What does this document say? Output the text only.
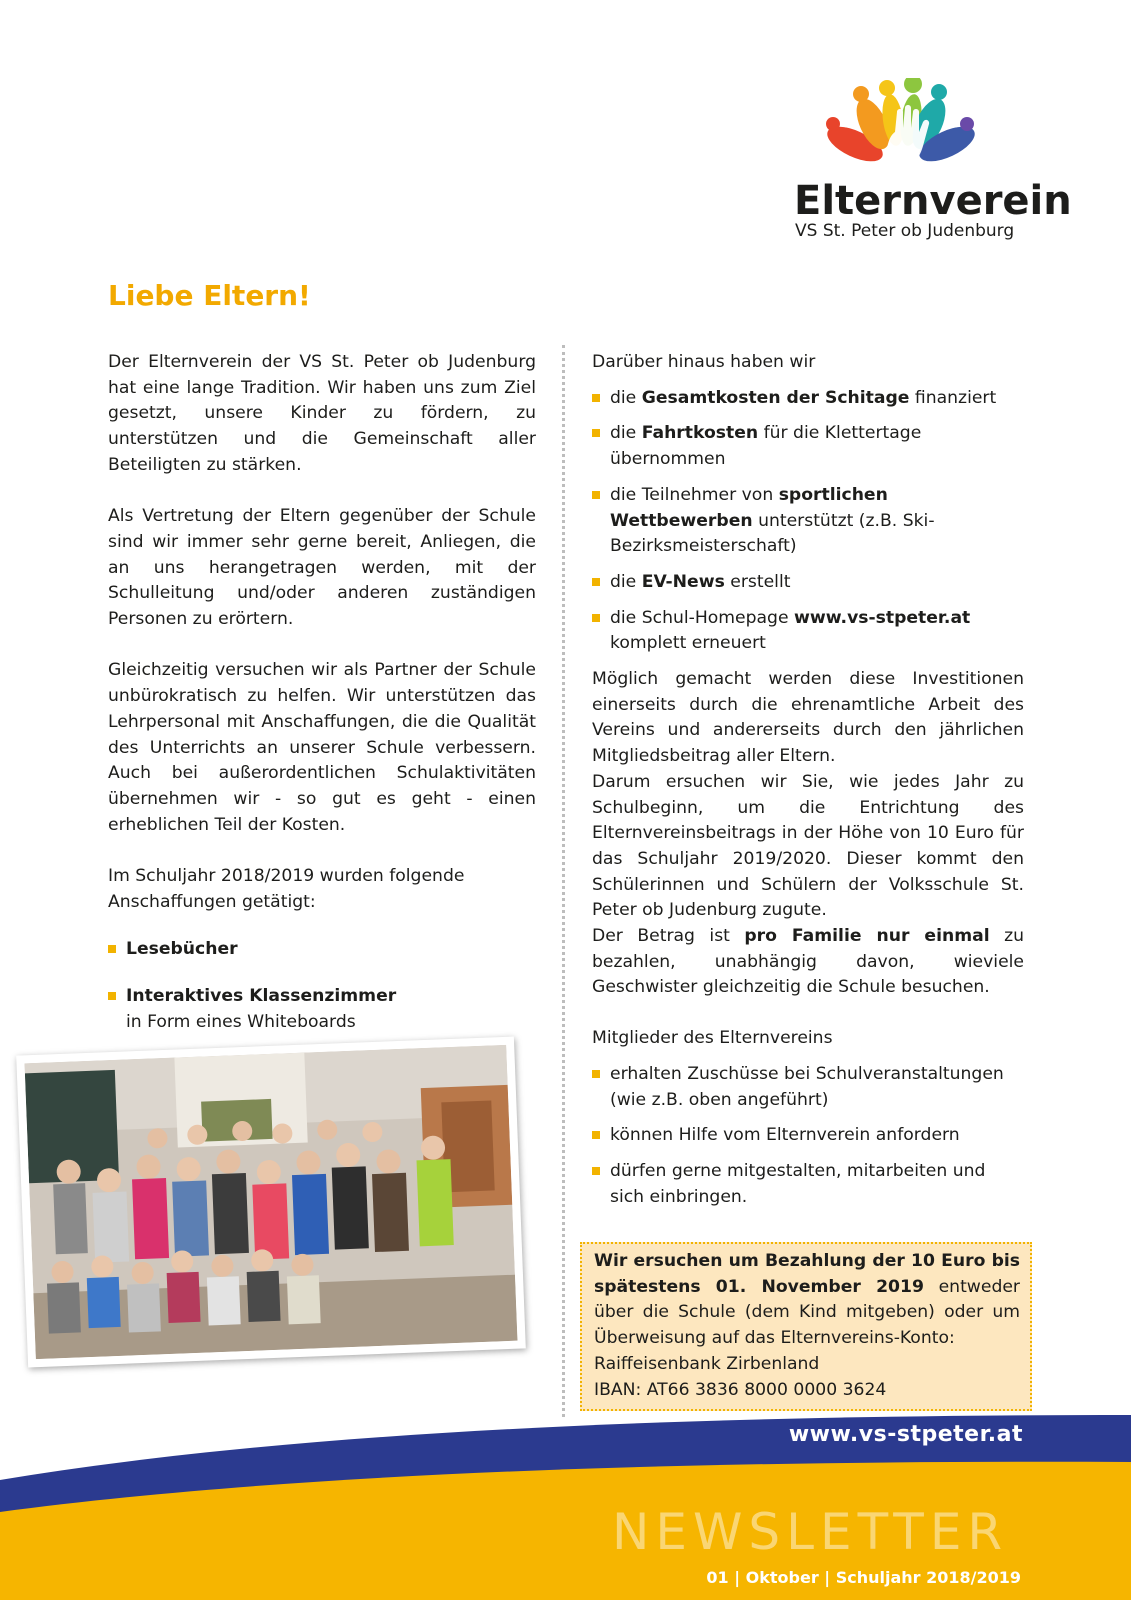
Elternverein
VS St. Peter ob Judenburg
Liebe Eltern!

Der Elternverein der VS St. Peter ob Judenburg hat eine lange Tradition. Wir haben uns zum Ziel gesetzt, unsere Kinder zu fördern, zu unterstützen und die Gemeinschaft aller Beteiligten zu stärken.

Als Vertretung der Eltern gegenüber der Schule sind wir immer sehr gerne bereit, Anliegen, die an uns herangetragen werden, mit der Schulleitung und/oder anderen zuständigen Personen zu erörtern.

Gleichzeitig versuchen wir als Partner der Schule unbürokratisch zu helfen. Wir unterstützen das Lehrpersonal mit Anschaffungen, die die Qualität des Unterrichts an unserer Schule verbessern. Auch bei außerordentlichen Schulaktivitäten übernehmen wir - so gut es geht - einen erheblichen Teil der Kosten.

Im Schuljahr 2018/2019 wurden folgende Anschaffungen getätigt:

Lesebücher
Interaktives Klassenzimmer
in Form eines Whiteboards
Darüber hinaus haben wir
die Gesamtkosten der Schitage finanziert
die Fahrtkosten für die Klettertage übernommen
die Teilnehmer von sportlichen Wettbewerben unterstützt (z.B. Ski-Bezirksmeisterschaft)
die EV-News erstellt
die Schul-Homepage www.vs-stpeter.at komplett erneuert
Möglich gemacht werden diese Investitionen einerseits durch die ehrenamtliche Arbeit des Vereins und andererseits durch den jährlichen Mitgliedsbeitrag aller Eltern.
Darum ersuchen wir Sie, wie jedes Jahr zu Schulbeginn, um die Entrichtung des Elternvereinsbeitrags in der Höhe von 10 Euro für das Schuljahr 2019/2020. Dieser kommt den Schülerinnen und Schülern der Volksschule St. Peter ob Judenburg zugute.
Der Betrag ist pro Familie nur einmal zu bezahlen, unabhängig davon, wieviele Geschwister gleichzeitig die Schule besuchen.
Mitglieder des Elternvereins
erhalten Zuschüsse bei Schulveranstaltungen (wie z.B. oben angeführt)
können Hilfe vom Elternverein anfordern
dürfen gerne mitgestalten, mitarbeiten und sich einbringen.
Wir ersuchen um Bezahlung der 10 Euro bis spätestens 01. November 2019 entweder über die Schule (dem Kind mitgeben) oder um Überweisung auf das Elternvereins-Konto:
Raiffeisenbank Zirbenland
IBAN: AT66 3836 8000 0000 3624
www.vs-stpeter.at
NEWSLETTER
01 | Oktober | Schuljahr 2018/2019
